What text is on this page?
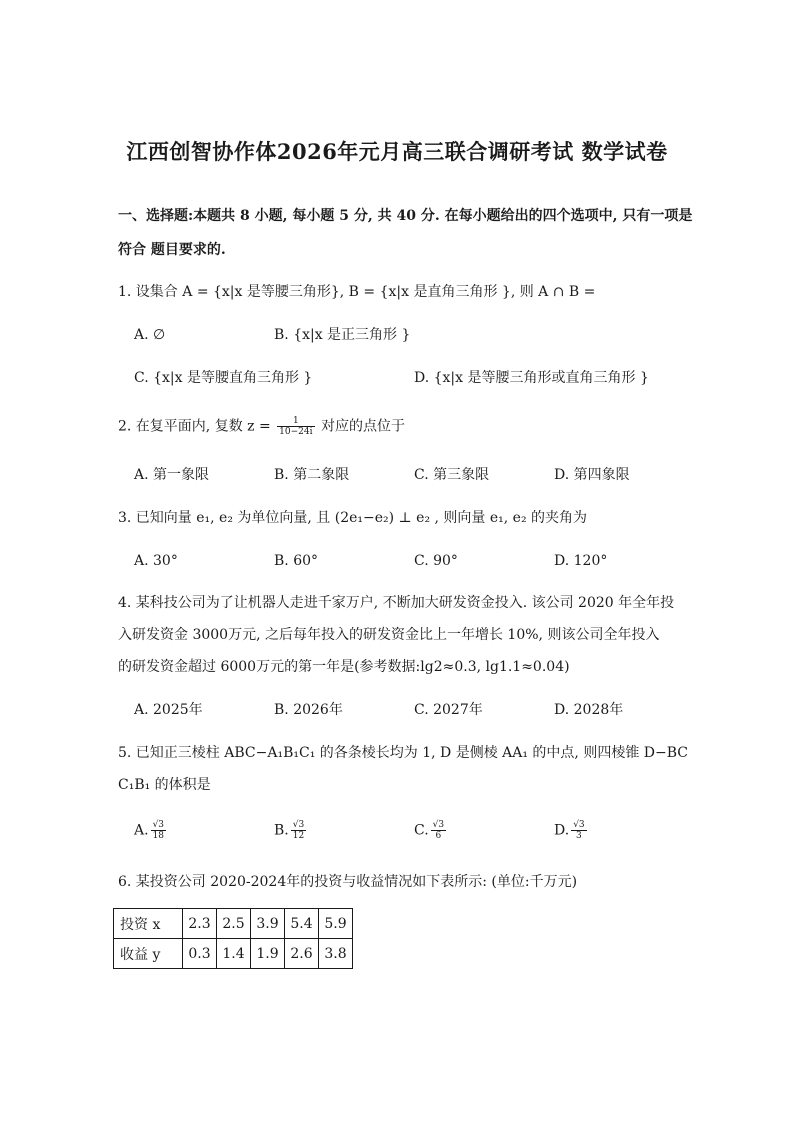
江西创智协作体2026年元月高三联合调研考试 数学试卷
一、选择题:本题共 8 小题, 每小题 5 分, 共 40 分. 在每小题给出的四个选项中, 只有一项是
符合 题目要求的.
1. 设集合 A = {x|x 是等腰三角形}, B = {x|x 是直角三角形 }, 则 A ∩ B =
A. ∅	B. {x|x 是正三角形 }
C. {x|x 是等腰直角三角形 }	D. {x|x 是等腰三角形或直角三角形 }
2. 在复平面内, 复数 $z = \frac{1}{10-24i}$ 对应的点位于
A. 第一象限	B. 第二象限	C. 第三象限	D. 第四象限
3. 已知向量 e₁, e₂ 为单位向量, 且 (2e₁−e₂) ⊥ e₂ , 则向量 e₁, e₂ 的夹角为
A. 30°	B. 60°	C. 90°	D. 120°
4. 某科技公司为了让机器人走进千家万户, 不断加大研发资金投入. 该公司 2020 年全年投
入研发资金 3000万元, 之后每年投入的研发资金比上一年增长 10%, 则该公司全年投入
的研发资金超过 6000万元的第一年是(参考数据:lg2≈0.3, lg1.1≈0.04)
A. 2025年	B. 2026年	C. 2027年	D. 2028年
5. 已知正三棱柱 ABC−A₁B₁C₁ 的各条棱长均为 1, D 是侧棱 AA₁ 的中点, 则四棱锥 D−BC
C₁B₁ 的体积是
A. $\frac{√3}{18}$	B. $\frac{√3}{12}$	C. $\frac{√3}{6}$	D. $\frac{√3}{3}$
6. 某投资公司 2020-2024年的投资与收益情况如下表所示: (单位:千万元)
投资 x	2.3	2.5	3.9	5.4	5.9
收益 y	0.3	1.4	1.9	2.6	3.8
